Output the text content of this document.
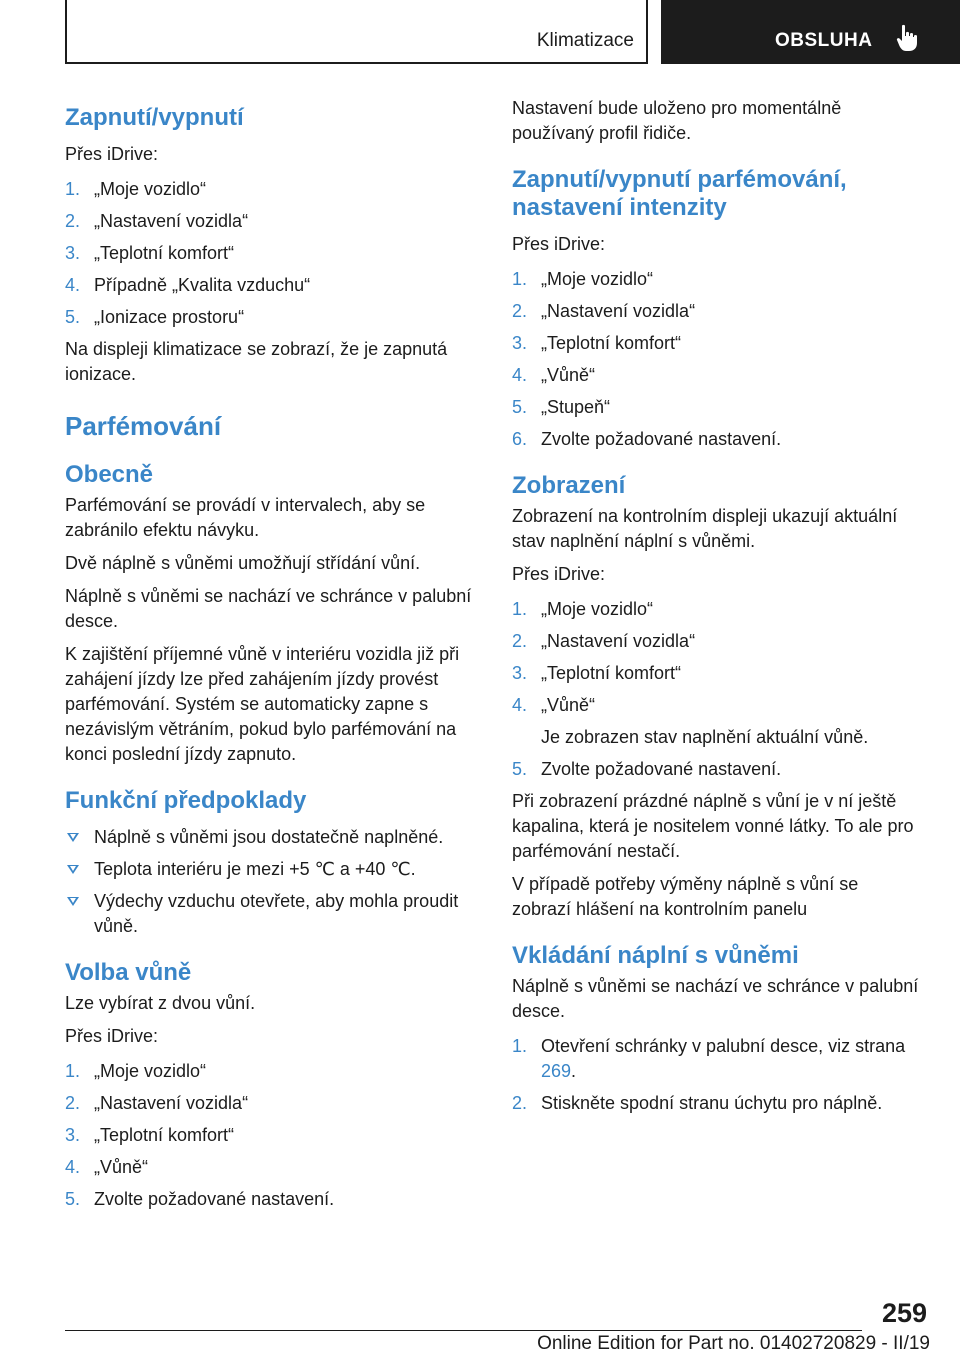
Klimatizace	OBSLUHA
Zapnutí/vypnutí

Přes iDrive:

1. „Moje vozidlo“
2. „Nastavení vozidla“
3. „Teplotní komfort“
4. Případně „Kvalita vzduchu“
5. „Ionizace prostoru“

Na displeji klimatizace se zobrazí, že je zapnutá ionizace.

Parfémování
Obecně

Parfémování se provádí v intervalech, aby se zabránilo efektu návyku.

Dvě náplně s vůněmi umožňují střídání vůní.

Náplně s vůněmi se nachází ve schránce v palubní desce.

K zajištění příjemné vůně v interiéru vozidla již při zahájení jízdy lze před zahájením jízdy provést parfémování. Systém se automaticky zapne s nezávislým větráním, pokud bylo parfémování na konci poslední jízdy zapnuto.

Funkční předpoklady
Náplně s vůněmi jsou dostatečně naplněné.
Teplota interiéru je mezi +5 ℃ a +40 ℃.
Výdechy vzduchu otevřete, aby mohla proudit vůně.
Volba vůně

Lze vybírat z dvou vůní.

Přes iDrive:

1. „Moje vozidlo“
2. „Nastavení vozidla“
3. „Teplotní komfort“
4. „Vůně“
5. Zvolte požadované nastavení.

Nastavení bude uloženo pro momentálně používaný profil řidiče.

Zapnutí/vypnutí parfémování, nastavení intenzity

Přes iDrive:

1. „Moje vozidlo“
2. „Nastavení vozidla“
3. „Teplotní komfort“
4. „Vůně“
5. „Stupeň“
6. Zvolte požadované nastavení.
Zobrazení

Zobrazení na kontrolním displeji ukazují aktuální stav naplnění náplní s vůněmi.

Přes iDrive:

1. „Moje vozidlo“
2. „Nastavení vozidla“
3. „Teplotní komfort“
4. „Vůně“
Je zobrazen stav naplnění aktuální vůně.
5. Zvolte požadované nastavení.

Při zobrazení prázdné náplně s vůní je v ní ještě kapalina, která je nositelem vonné látky. To ale pro parfémování nestačí.

V případě potřeby výměny náplně s vůní se zobrazí hlášení na kontrolním panelu

Vkládání náplní s vůněmi

Náplně s vůněmi se nachází ve schránce v palubní desce.

1. Otevření schránky v palubní desce, viz strana 269.
2. Stiskněte spodní stranu úchytu pro náplně.
259
Online Edition for Part no. 01402720829 - II/19
